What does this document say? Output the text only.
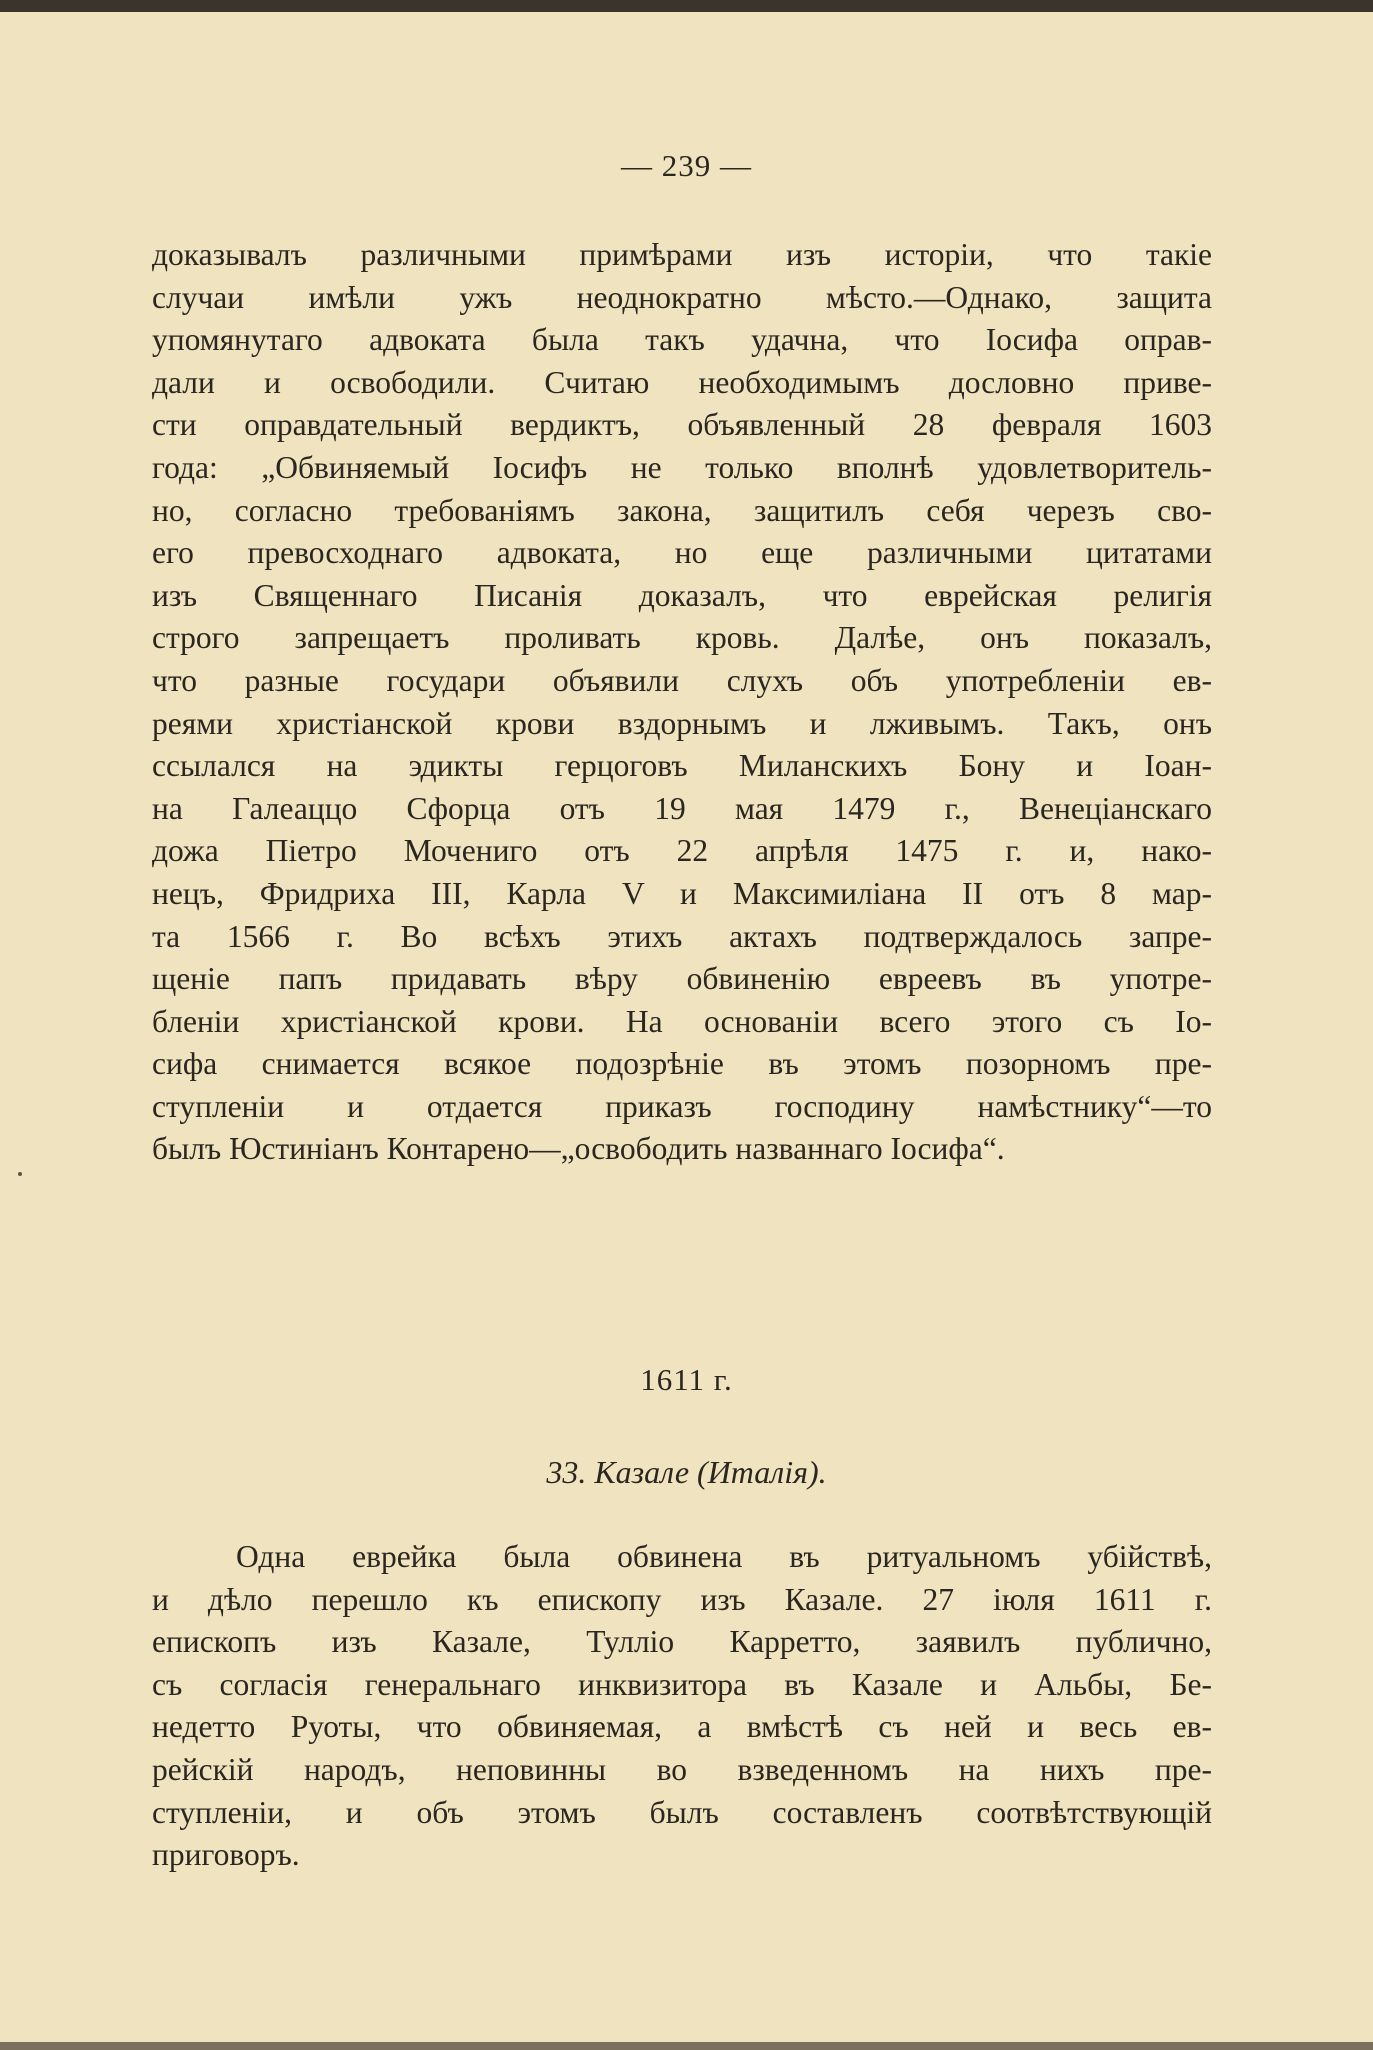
— 239 —
доказывалъ различными примѣрами изъ исторіи, что такіе
случаи имѣли ужъ неоднократно мѣсто.—Однако, защита
упомянутаго адвоката была такъ удачна, что Іосифа оправ-
дали и освободили. Считаю необходимымъ дословно приве-
сти оправдательный вердиктъ, объявленный 28 февраля 1603
года: „Обвиняемый Іосифъ не только вполнѣ удовлетворитель-
но, согласно требованіямъ закона, защитилъ себя черезъ сво-
его превосходнаго адвоката, но еще различными цитатами
изъ Священнаго Писанія доказалъ, что еврейская религія
строго запрещаетъ проливать кровь. Далѣе, онъ показалъ,
что разные государи объявили слухъ объ употребленіи ев-
реями христіанской крови вздорнымъ и лживымъ. Такъ, онъ
ссылался на эдикты герцоговъ Миланскихъ Бону и Іоан-
на Галеаццо Сфорца отъ 19 мая 1479 г., Венеціанскаго
дожа Піетро Мочениго отъ 22 апрѣля 1475 г. и, нако-
нецъ, Фридриха III, Карла V и Максимиліана II отъ 8 мар-
та 1566 г. Во всѣхъ этихъ актахъ подтверждалось запре-
щеніе папъ придавать вѣру обвиненію евреевъ въ употре-
бленіи христіанской крови. На основаніи всего этого съ Іо-
сифа снимается всякое подозрѣніе въ этомъ позорномъ пре-
ступленіи и отдается приказъ господину намѣстнику“—то
былъ Юстиніанъ Контарено—„освободить названнаго Іосифа“.
1611 г.
33. Казале (Италія).
Одна еврейка была обвинена въ ритуальномъ убійствѣ,
и дѣло перешло къ епископу изъ Казале. 27 іюля 1611 г.
епископъ изъ Казале, Тулліо Карретто, заявилъ публично,
съ согласія генеральнаго инквизитора въ Казале и Альбы, Бе-
недетто Руоты, что обвиняемая, а вмѣстѣ съ ней и весь ев-
рейскій народъ, неповинны во взведенномъ на нихъ пре-
ступленіи, и объ этомъ былъ составленъ соотвѣтствующій
приговоръ.
